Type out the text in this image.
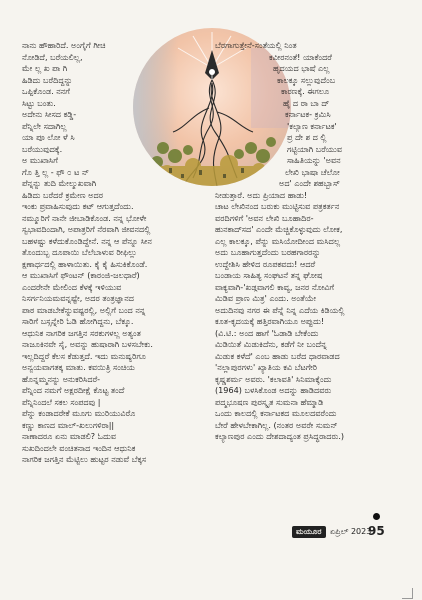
ನಾನು ಹೌಹಾರಿದೆ. ಅಂಗೈಗೆ ಗೀಚಿ
ನೋಡಿದೆ, ಬರೆಯಲಿಲ್ಲ,
ಮೇ ಲ್ಲ ಖ ಪಾ ಗಿ
ಹಿಡಿದು ಬರೆದಿದ್ದನ್ನು
ಒಪ್ಪಿಕೊಂಡ. ನನಗೆ
ಸಿಟ್ಟು ಬಂತು.
ಅದೇನು ಸೀಸದ ಕಡ್ಡಿ-
ಪೆನ್ನಿಲೇ ಸದಾಗಿಲ್ಲ
ಯಾ ಪೂ ಲೋ ಳೆ ಸಿ
ಬರೆಯುವುದಕ್ಕೆ.
ಅ ಮುಖಾಸಿಗೆ
ಗೊ ತ್ತಿ ಲ್ಲ - ಫೌ ೦ ಟ ನ್
ಪೆನ್ನನ್ನು ತುದಿ ಮೇಲ್ಮುಖವಾಗಿ
ಹಿಡಿದು ಬರೆದರೆ ಕ್ರಮೇಣ ಅದರ
ಇಂಕು ಪ್ರವಾಹಿಸುವುದು ಕಟ್ ಆಗುತ್ತದೆಂದು.
ನಮ್ಮೂರಿಗೆ ನಾನೇ ಜೀಬಾಡಿಕೊಂಡ. ನನ್ನ ಭೋಳೇ
ಸ್ವಭಾವದಿಂದಾಗಿ, ಅಪಾತ್ರರಿಗೆ ನೆರವಾಗಿ ಜೀವನದಲ್ಲಿ
ಬಹಳಷ್ಟು ಕಳೆದುಕೊಂಡಿದ್ದೇನೆ. ನನ್ನ ಆ ಪೆನ್ನೂ ಸೀನ
ತೊಂದುಬ್ಬ ದೂಪಾಯಿ ಬೆಲೆಬಾಳುವ ರೀಫಿಲ್ಲು
ಕ್ಷಣಾರ್ಧದಲ್ಲಿ ಹಾಳಾಯಿತು. ಕೈ ಕೈ ಹಿಸುಕಿಕೊಂಡೆ.
ಆ ಮುಖಾಸಿಗೆ ಫೌಂಟನ್ (ಕಾರಂಜಿ-ಜಲಧಾರೆ)
ಎಂದರೇನೇ ಮೇಲಿಂದ ಕೆಳಕ್ಕೆ ಇಳಿಯುವ
ನಿಸರ್ಗನಿಯಮವನ್ನಷ್ಟೇ, ಅದರ ತಂತ್ರಜ್ಞಾನದ
ಪಾಠ ಮಾಡಬೇಕೆನ್ನುವಷ್ಟರಲ್ಲಿ, ಅಲ್ಲಿಗೆ ಬಂದ ನನ್ನ
ಸಾರಿಗೆ ಬಸ್ಸನ್ನೇರಿ ಓಡಿ ಹೋಗಿದ್ದನು, ಬೆಕ್ಕೂ.
ಆಧುನಿಕ ನಾಗರಿಕ ಜಗತ್ತಿನ ಸರಕುಗಳಲ್ಲ ಅತ್ಯಂತ
ನಾಜೂಕಿನವೇ ಸೈ, ಅವನ್ನು ಹುಷಾರಾಗಿ ಬಳಸಬೇಕು.
ಇಲ್ಲದಿದ್ದರೆ ಕೆಲಸ ಕೆಡುತ್ತದೆ. ಇದು ಮನುಷ್ಯರಿಗೂ
ಅನ್ವಯವಾಗತಕ್ಕ ಮಾತು. ಕವಯಿತ್ರಿ ಸಂಚಿಯ
ಹೊನ್ನಮ್ಮನನ್ನು ಅನುಕರಿಸಿದರೆ-
ಪೆನ್ನಿಂದ ನಮಗೆ ಅಕ್ಷರದೀಕ್ಷೆ ಕೊಟ್ಟ ತಂದೆ
ಪೆನ್ನಿನಿಂದಲೆ ಸಕಲ ಸಂಪದವು |
ಪೆನ್ನು ಕಂಡಾದರೇಕೆ ಮೂಗು ಮುರಿಯುವಿರೊ
ಕಣ್ಣು ಕಾಣದ ಮಾಲ್-ಖಲುಗಳಿರಾ||
ನಾಣಾದರೂ ಏನು ಮಾಡಲಿ? ಓದುವ
ಸುಖದಿಂದಲೇ ವಂಚಿತನಾದ ಇಂದಿನ ಆಧುನಿಕ
ನಾಗರಿಕ ಜಗತ್ತಿನ ಮೆಟ್ಟಿಲು ಹುಟ್ಟರ ನಡುವೆ ಬೆಕ್ಕಸ
ಬೆರಗಾಗುತ್ತೇನೆ-ಸಂತೆಯಲ್ಲಿ ನಿಂತ
ಕವೀರನಂತೆ! ಯಾಕೆಂದರೆ
ಹೃದಯದ ಭಾಷೆ ಎಲ್ಲ
ಕಾಲಕ್ಕೂ ಸಲ್ಲುವುದೆಂಬ
ಕಾರಣಕ್ಕೆ. ಈಗಲೂ
ಹೈ ದ ರಾ ಬಾ ದ್
ಕರ್ನಾಟಕ- ಕ್ರಮಿಸಿ
'ಕಲ್ಯಾಣ ಕರ್ನಾಟಕ'
ಪ್ರ ದೇ ಶ ದ ಲ್ಲಿ
ಗಟ್ಟಿಯಾಗಿ ಬರೆಯುವ
ಸಾಹಿತಿಯನ್ನು 'ಅವನ
ಲೇಖಿ ಭಾಷಾ ಚೆಲೋ
ಅದ' ಎಂದೇ ಶಹಬ್ಬಾಸ್
ನೀಡುತ್ತಾರೆ. ಅದು ಪ್ರಿಯಾದ ಹಾಡು!
ಚಾಟ ಲೇಖಿನಂದ ಬರುಕು ಮುಟ್ಟಿಸುವ ಪತ್ರಕರ್ತನ
ವರದಿಗಳಿಗೆ 'ಅವನ ಲೇಖಿ ಬೂಹಾದಿರ-
ಹುನಕಾದ್‍ಸದ' ಎಂದೇ ಮೆಚ್ಚಿಕೊಳ್ಳುವುದು ಲೋಕ,
ಎಲ್ಲ ಕಾಲಕ್ಕೂ, ಪೆನ್ನು ಮಸಿಯೋದೀಂದ ಮಸಿದಲ್ಲ
ಅದು ಬೂಹಾಗುತ್ತದೆಂದು ಬರಹಗಾರರನ್ನು
ಉದ್ದೇಶಿಸಿ ಹೇಳಿದ ರೂಪಕವದು! ಆದರೆ
ಬಂಡಾಯ ಸಾಹಿತ್ಯ ಸಂಘಟನೆ ತನ್ನ ಘೋಷ
ವಾಕ್ಯವಾಗಿ-'ಖಡ್ಗವಾಗಲಿ ಕಾವ್ಯ, ಜನರ ನೋವಿಗೆ
ಮಿಡಿವ ಪ್ರಾಣ ಮಿತ್ರ' ಎಂದು. ಅಂತೆಯೇ
ಅದುದಿನವು ನಗರ ಈ ಪೆನ್ನೆ ನಿನ್ನ ಎದೆಯ ಕಿಡಿಯಲ್ಲಿ
ಕೂತ-ಕೃದಯಕ್ಕೆ ಹತ್ತಿರವಾಗಿಯೂ ಅಪ್ಪುದು!
(ವಿ.ಟಿ.: ಅಂದ ಹಾಗೆ 'ಓಡಾಡಿ ಬೇಕೆಂದು
ಮಿಡಿಯಿತೆ ಮಿಡುಕಿದೆನು, ಕಡೆಗೆ ನೀ ಬಂದೆನ್ನ
ಮಿಡುಕ ಕಳೆದೆ' ಎಂಬ ಹಾಡು ಬರೆದ ಧಾರವಾಡದ
'ನಲ್ಲಾಪುರಗಳು' ಖ್ಯಾತಿಯ ಕವಿ ಬೆಟಗೇರಿ
ಕೃಷ್ಣಶರ್ಮ ಅವರು. 'ಕಲಾವತಿ' ಸಿನಿಮಾಕ್ಕೆಂದು
(1964) ಬಳಸಿಕೊಂಡ ಅದನ್ನು ಹಾಡಿದವರು
ಪದ್ಮಭೂಷಣ ಪುರಸ್ಕೃತ ಸುಮನಾ ಹೆಮ್ಮಾಡಿ
ಒಂದು ಕಾಲದಲ್ಲಿ ಕರ್ನಾಟಕದ ಮೂಲದವರೆಂದು
ಬೇರೆ ಹೇಳಬೇಕಾಗಿಲ್ಲ. (ನಂತರ ಅವರೇ ಸುಮನ್
ಕಲ್ಯಾಣಪುರ ಎಂದು ದೇಶದಾದ್ಯಂತ ಪ್ರಸಿದ್ಧರಾದರು.)
ಮಯೂರ	ಏಪ್ರಿಲ್ 2023
95
